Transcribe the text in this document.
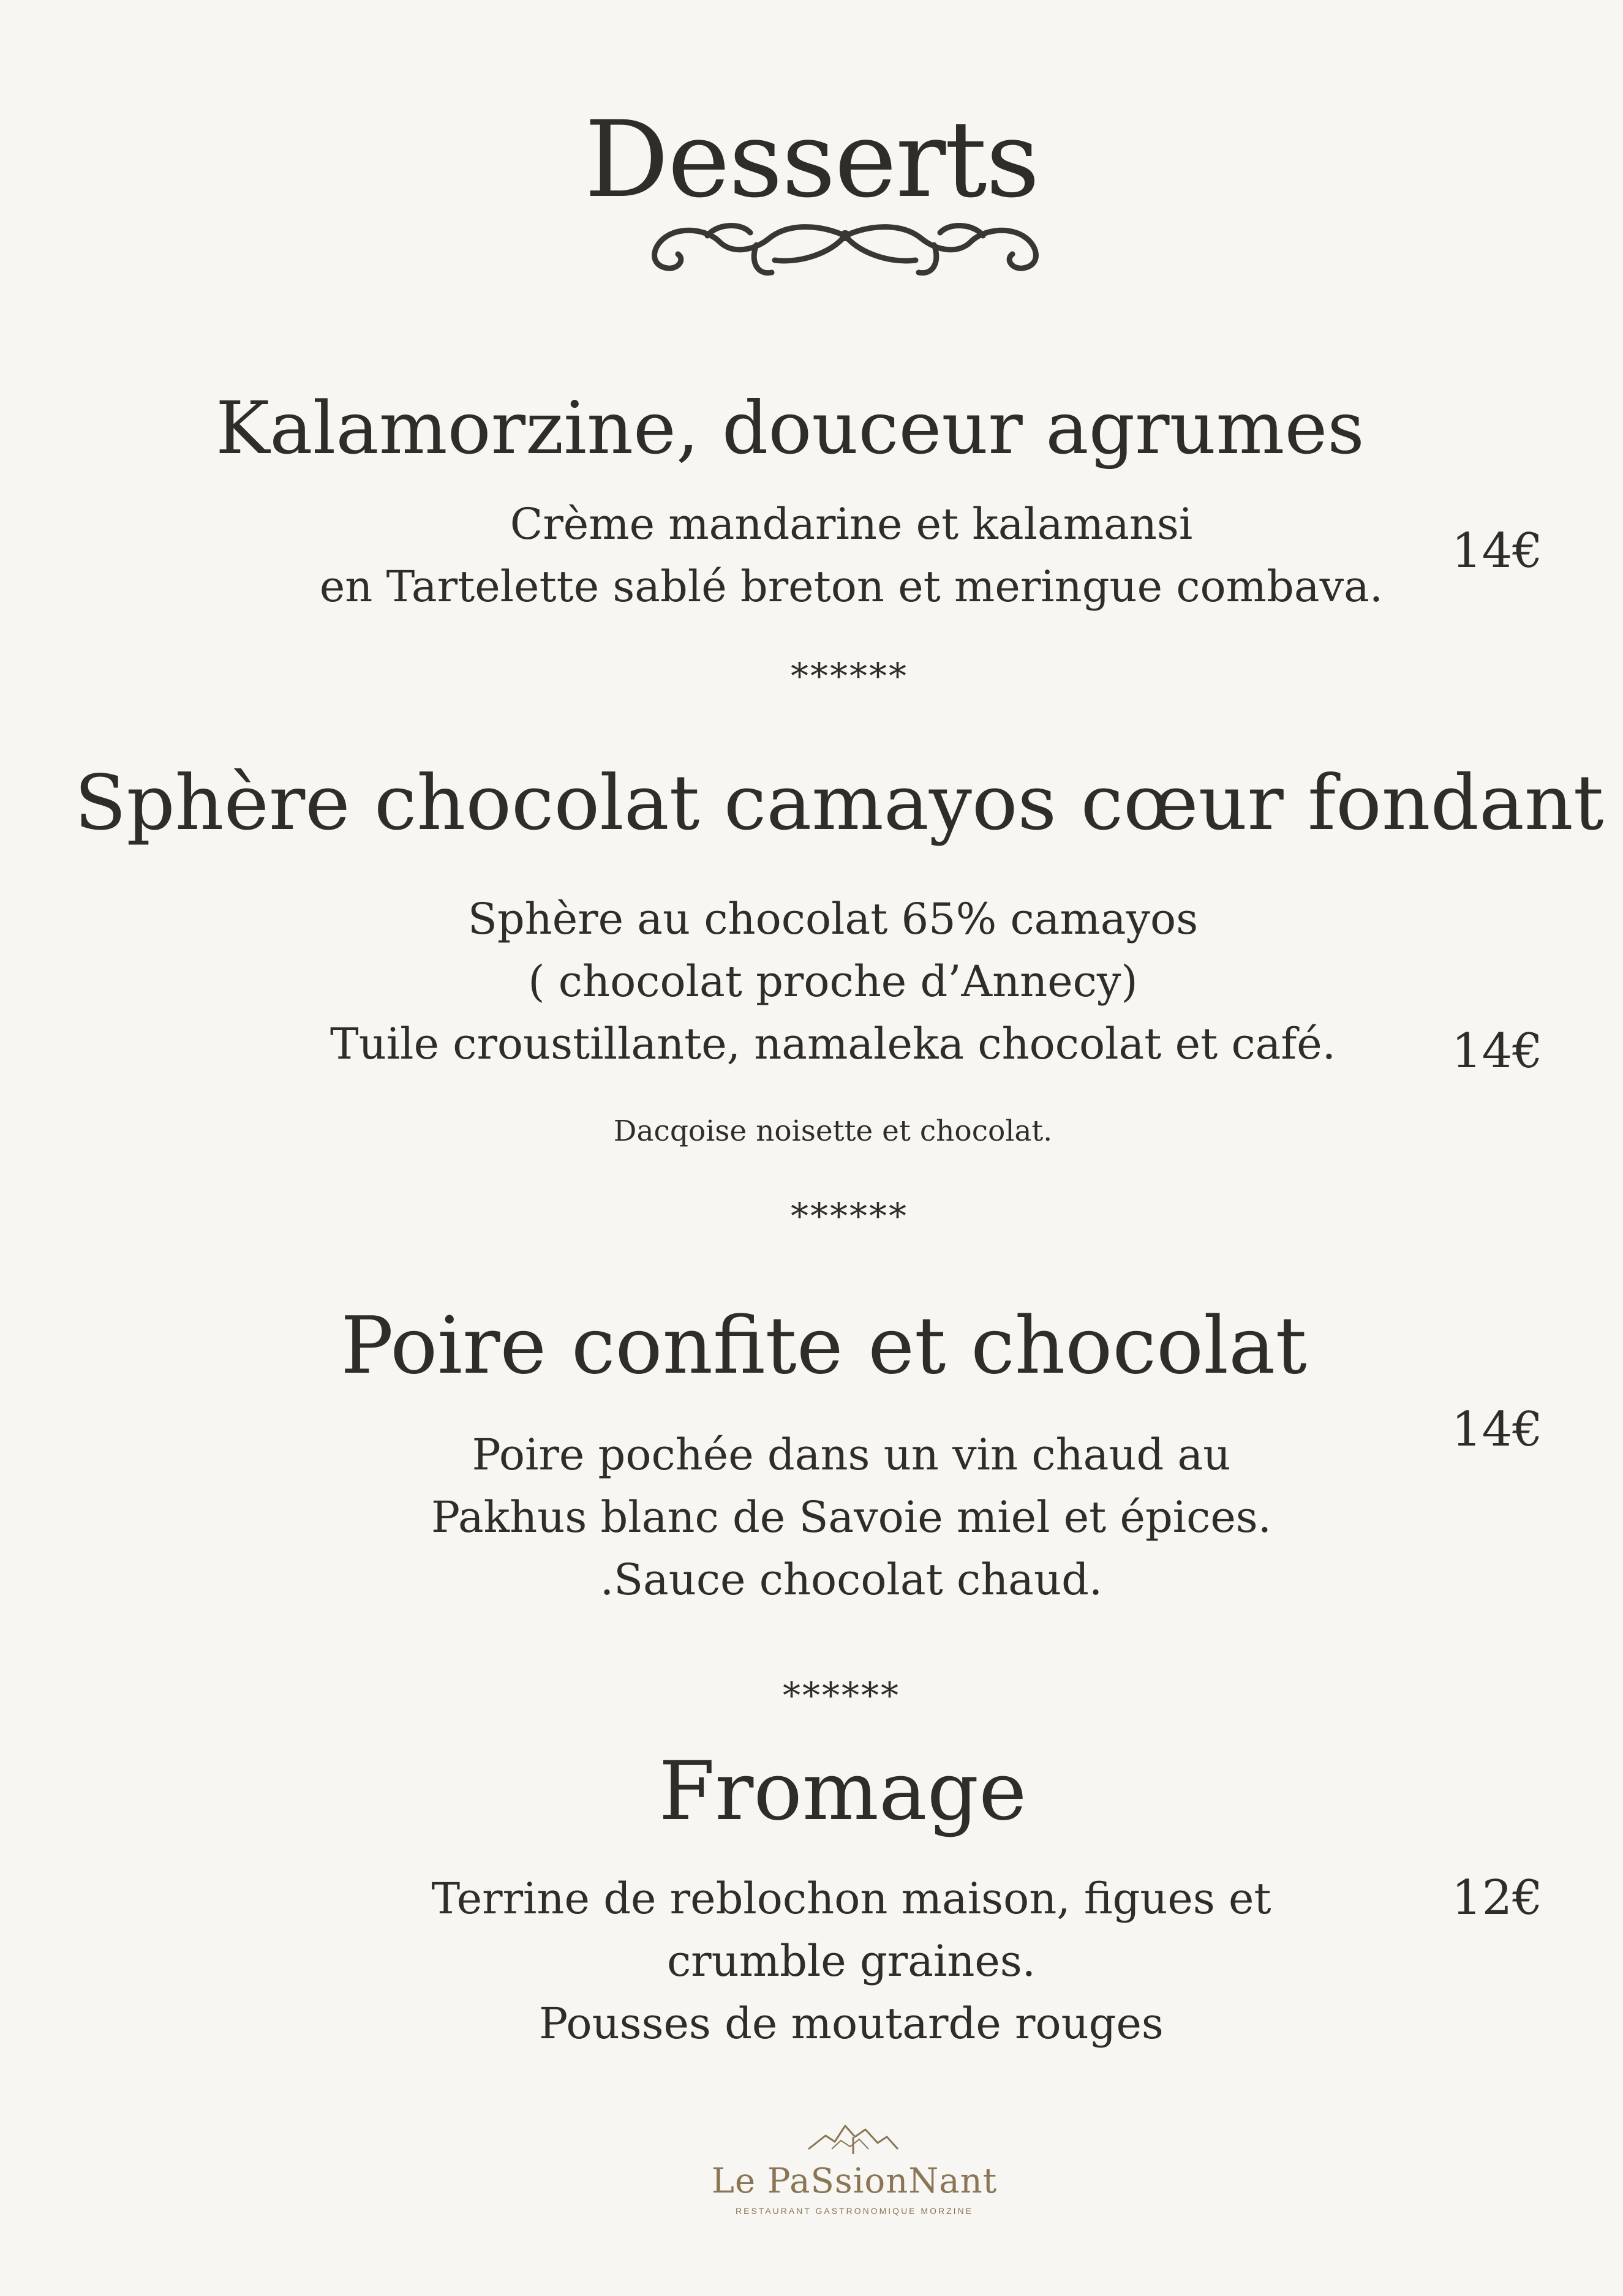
Desserts
Kalamorzine, douceur agrumes
Crème mandarine et kalamansi
en Tartelette sablé breton et meringue combava.
14€
******
Sphère chocolat camayos cœur fondant
Sphère au chocolat 65% camayos
( chocolat proche d’Annecy)
Tuile croustillante, namaleka chocolat et café.
Dacqoise noisette et chocolat.
14€
******
Poire confite et chocolat
Poire pochée dans un vin chaud au
Pakhus blanc de Savoie miel et épices.
.Sauce chocolat chaud.
14€
******
Fromage
Terrine de reblochon maison, figues et
crumble graines.
Pousses de moutarde rouges
12€
Le PaSsionNant
RESTAURANT GASTRONOMIQUE MORZINE
